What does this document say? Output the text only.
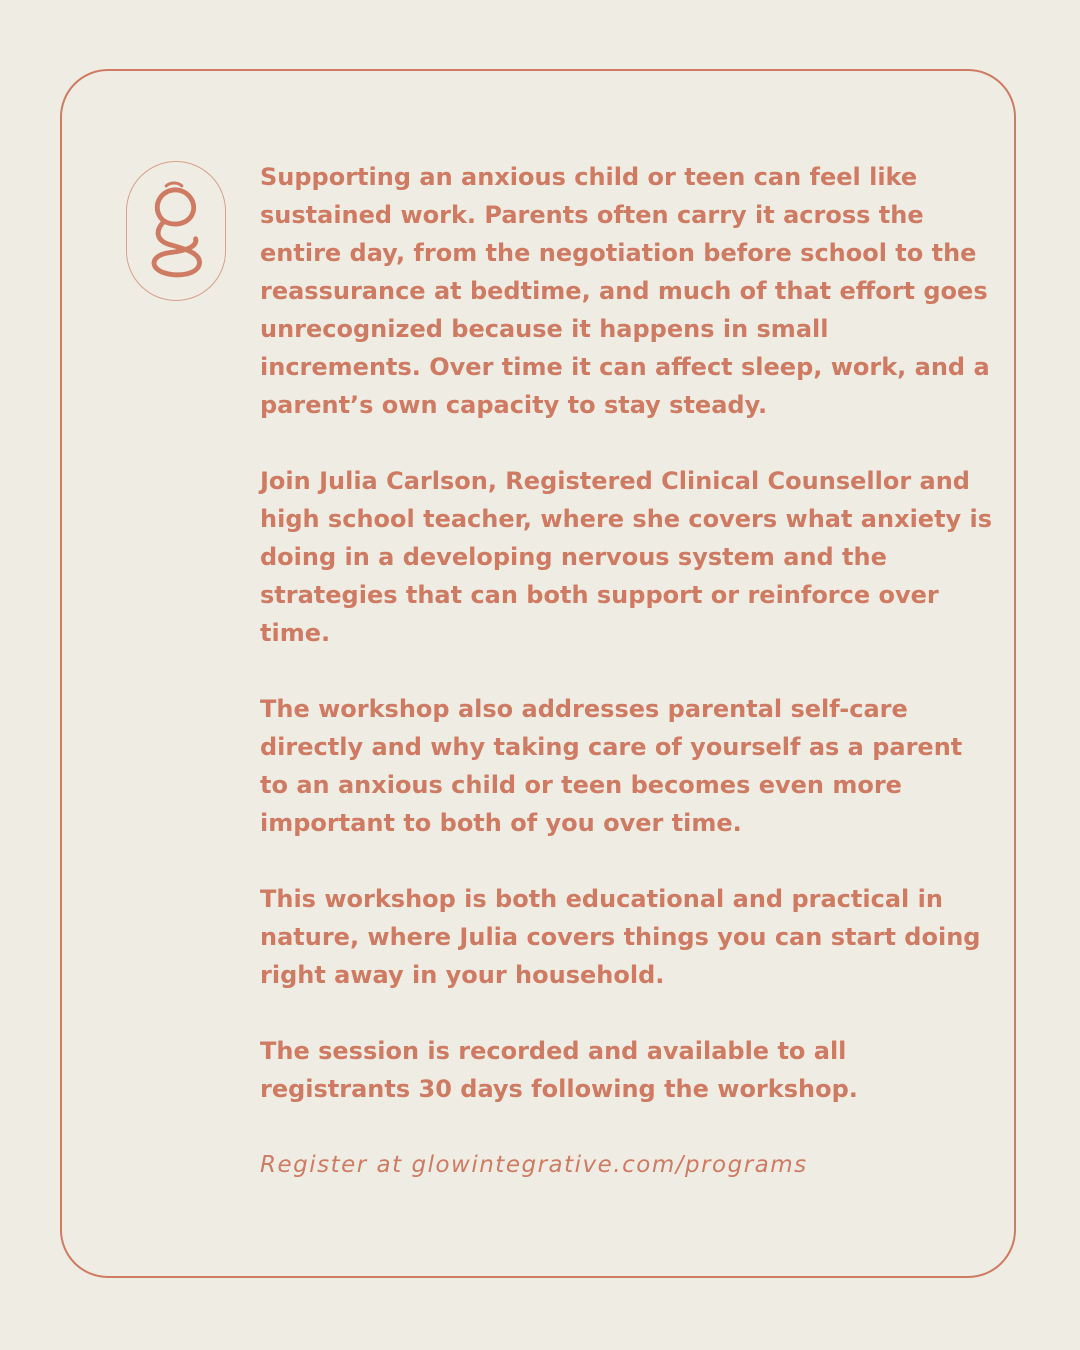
Supporting an anxious child or teen can feel like sustained work. Parents often carry it across the entire day, from the negotiation before school to the reassurance at bedtime, and much of that effort goes unrecognized because it happens in small increments. Over time it can affect sleep, work, and a parent’s own capacity to stay steady.

Join Julia Carlson, Registered Clinical Counsellor and high school teacher, where she covers what anxiety is doing in a developing nervous system and the strategies that can both support or reinforce over time.

The workshop also addresses parental self-care directly and why taking care of yourself as a parent to an anxious child or teen becomes even more important to both of you over time.

This workshop is both educational and practical in nature, where Julia covers things you can start doing right away in your household.

The session is recorded and available to all registrants 30 days following the workshop.

Register at glowintegrative.com/programs
